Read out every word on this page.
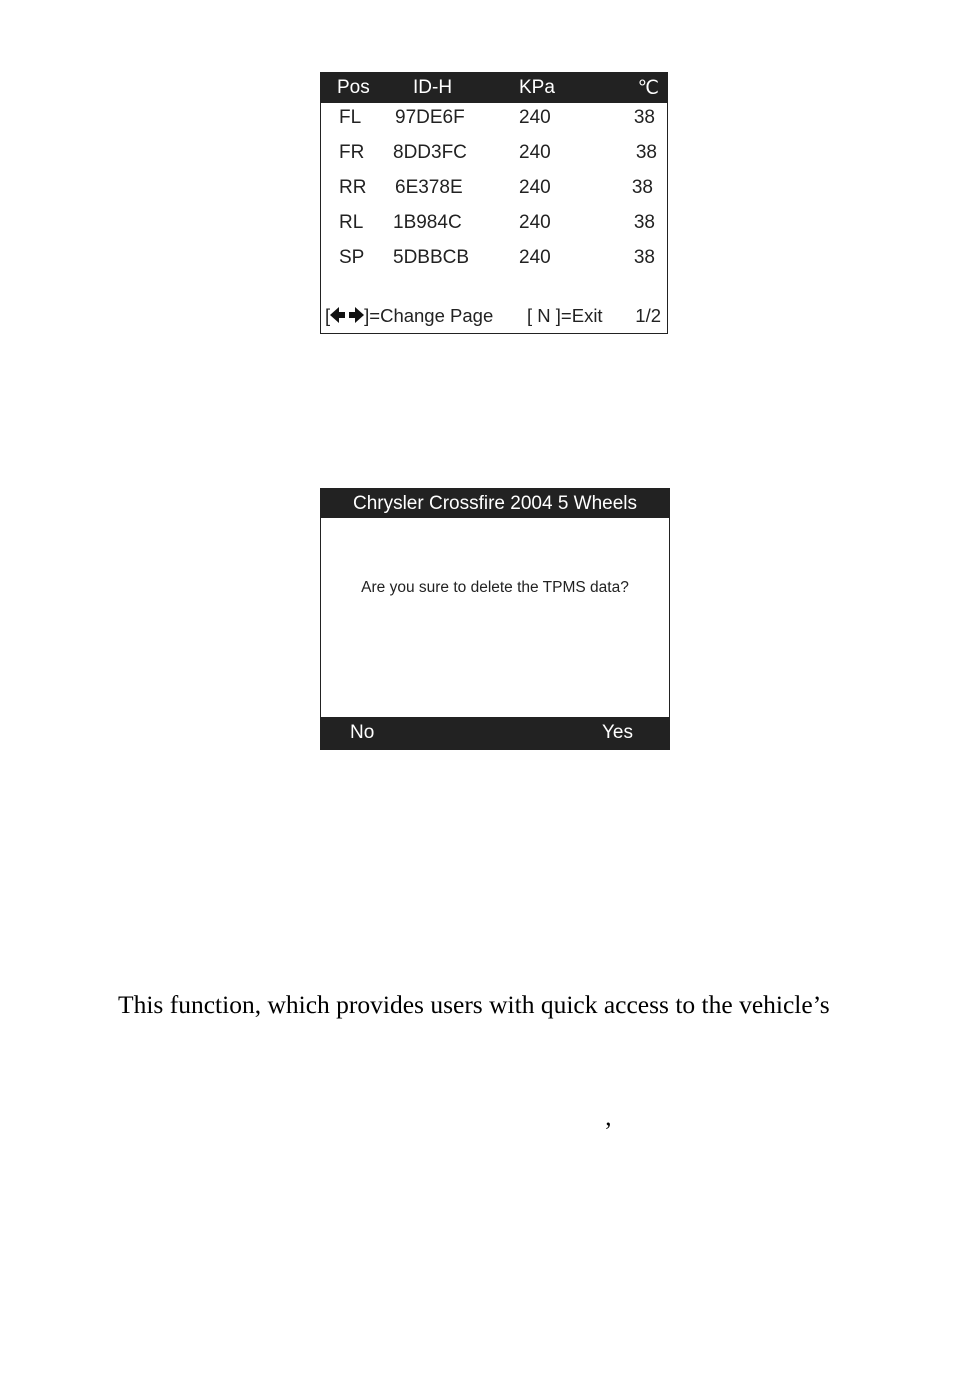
Pos ID-H	KPa	℃
FL 97DE6F	240	38
FR 8DD3FC	240	38
RR 6E378E	240	38
RL 1B984C	240	38
SP 5DBBCB	240	38
[ ]=Change Page [ N ]=Exit 1/2
Chrysler Crossfire 2004 5 Wheels
Are you sure to delete the TPMS data?
No	Yes
This function, which provides users with quick access to the vehicle’s
’
